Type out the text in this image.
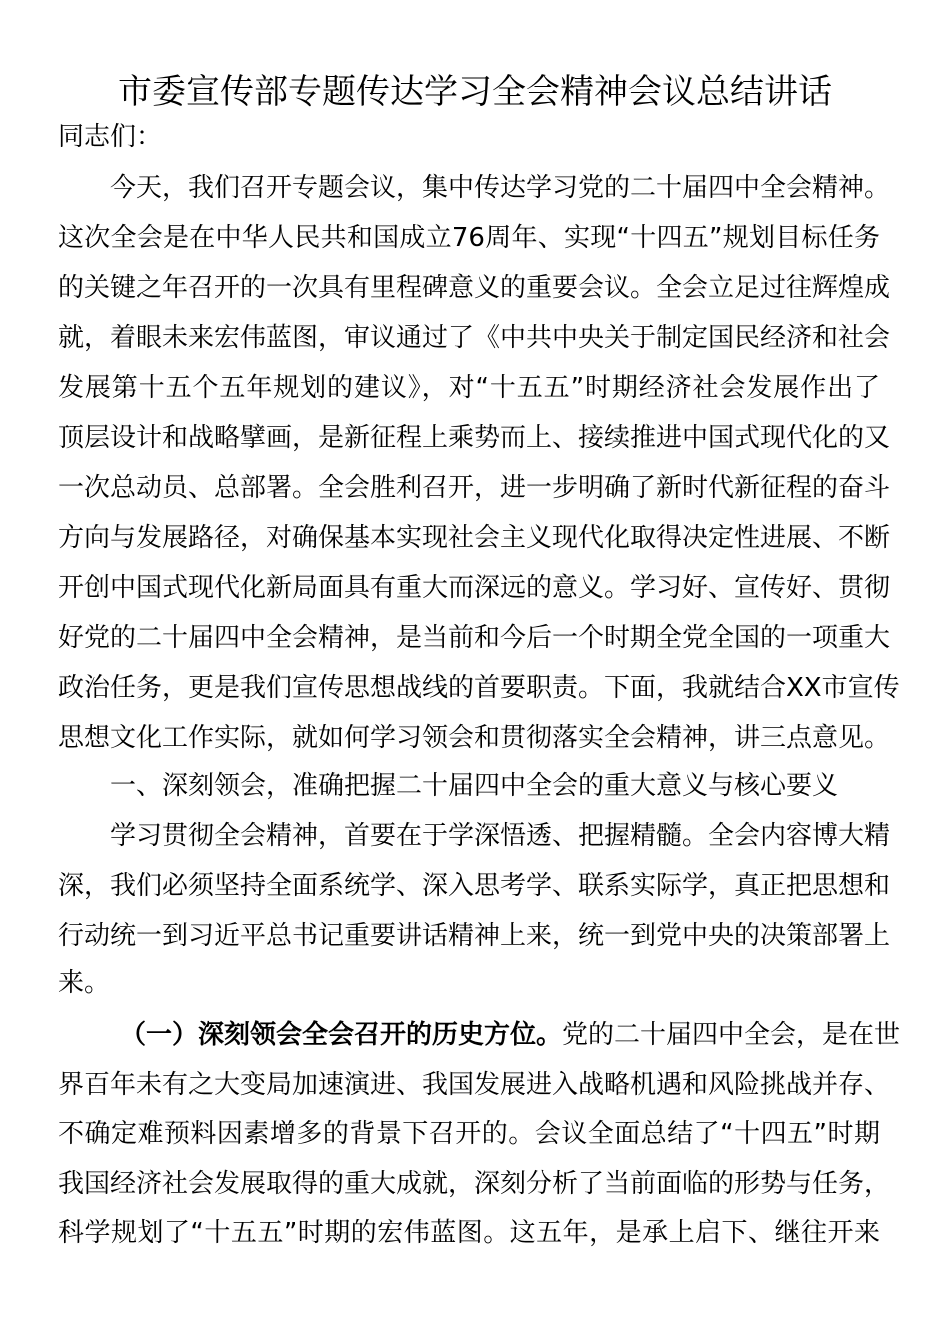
市委宣传部专题传达学习全会精神会议总结讲话
同志们：
今天，我们召开专题会议，集中传达学习党的二十届四中全会精神。
这次全会是在中华人民共和国成立76周年、实现“十四五”规划目标任务
的关键之年召开的一次具有里程碑意义的重要会议。全会立足过往辉煌成
就，着眼未来宏伟蓝图，审议通过了《中共中央关于制定国民经济和社会
发展第十五个五年规划的建议》，对“十五五”时期经济社会发展作出了
顶层设计和战略擘画，是新征程上乘势而上、接续推进中国式现代化的又
一次总动员、总部署。全会胜利召开，进一步明确了新时代新征程的奋斗
方向与发展路径，对确保基本实现社会主义现代化取得决定性进展、不断
开创中国式现代化新局面具有重大而深远的意义。学习好、宣传好、贯彻
好党的二十届四中全会精神，是当前和今后一个时期全党全国的一项重大
政治任务，更是我们宣传思想战线的首要职责。下面，我就结合XX市宣传
思想文化工作实际，就如何学习领会和贯彻落实全会精神，讲三点意见。
一、深刻领会，准确把握二十届四中全会的重大意义与核心要义
学习贯彻全会精神，首要在于学深悟透、把握精髓。全会内容博大精
深，我们必须坚持全面系统学、深入思考学、联系实际学，真正把思想和
行动统一到习近平总书记重要讲话精神上来，统一到党中央的决策部署上
来。
（一）深刻领会全会召开的历史方位。党的二十届四中全会，是在世
界百年未有之大变局加速演进、我国发展进入战略机遇和风险挑战并存、
不确定难预料因素增多的背景下召开的。会议全面总结了“十四五”时期
我国经济社会发展取得的重大成就，深刻分析了当前面临的形势与任务，
科学规划了“十五五”时期的宏伟蓝图。这五年，是承上启下、继往开来
